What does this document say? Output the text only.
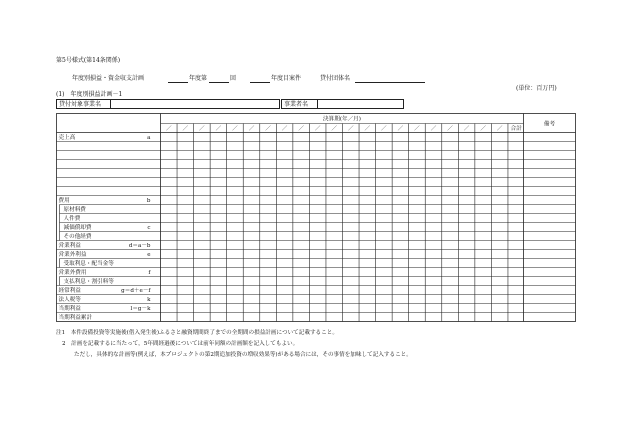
第5号様式(第14条関係)
年度別損益・資金収支計画	年度第	回	年度目案件	貸付団体名
(単位：百万円)
(1)　年度別損益計画－1
貸付対象事業名	事業者名
決算期(年／月)
備考
／ ／ ／ ／ ／ ／ ／ ／ ／ ／ ／ ／ ／ ／ ／ ／ ／ ／ ／ ／ ／ 合計
売上高	a
費用	b
原材料費
人件費
減価償却費	c
その他経費
営業利益	d＝a－b
営業外利益	e
受取利息・配当金等
営業外費用	f
支払利息・割引料等
経常利益	g＝d＋e－f
法人税等	k
当期利益	l＝g－k
当期利益累計
注1　本件設備投資等実施後(借入発生後)ふるさと融資期間終了までの全期間の損益計画について記載すること。
2　計画を記載するに当たって，5年間経過後については前年同額の計画額を記入してもよい。
ただし，具体的な計画等(例えば，本プロジェクトの第2期追加投資の増収効果等)がある場合には，その事情を加味して記入すること。
